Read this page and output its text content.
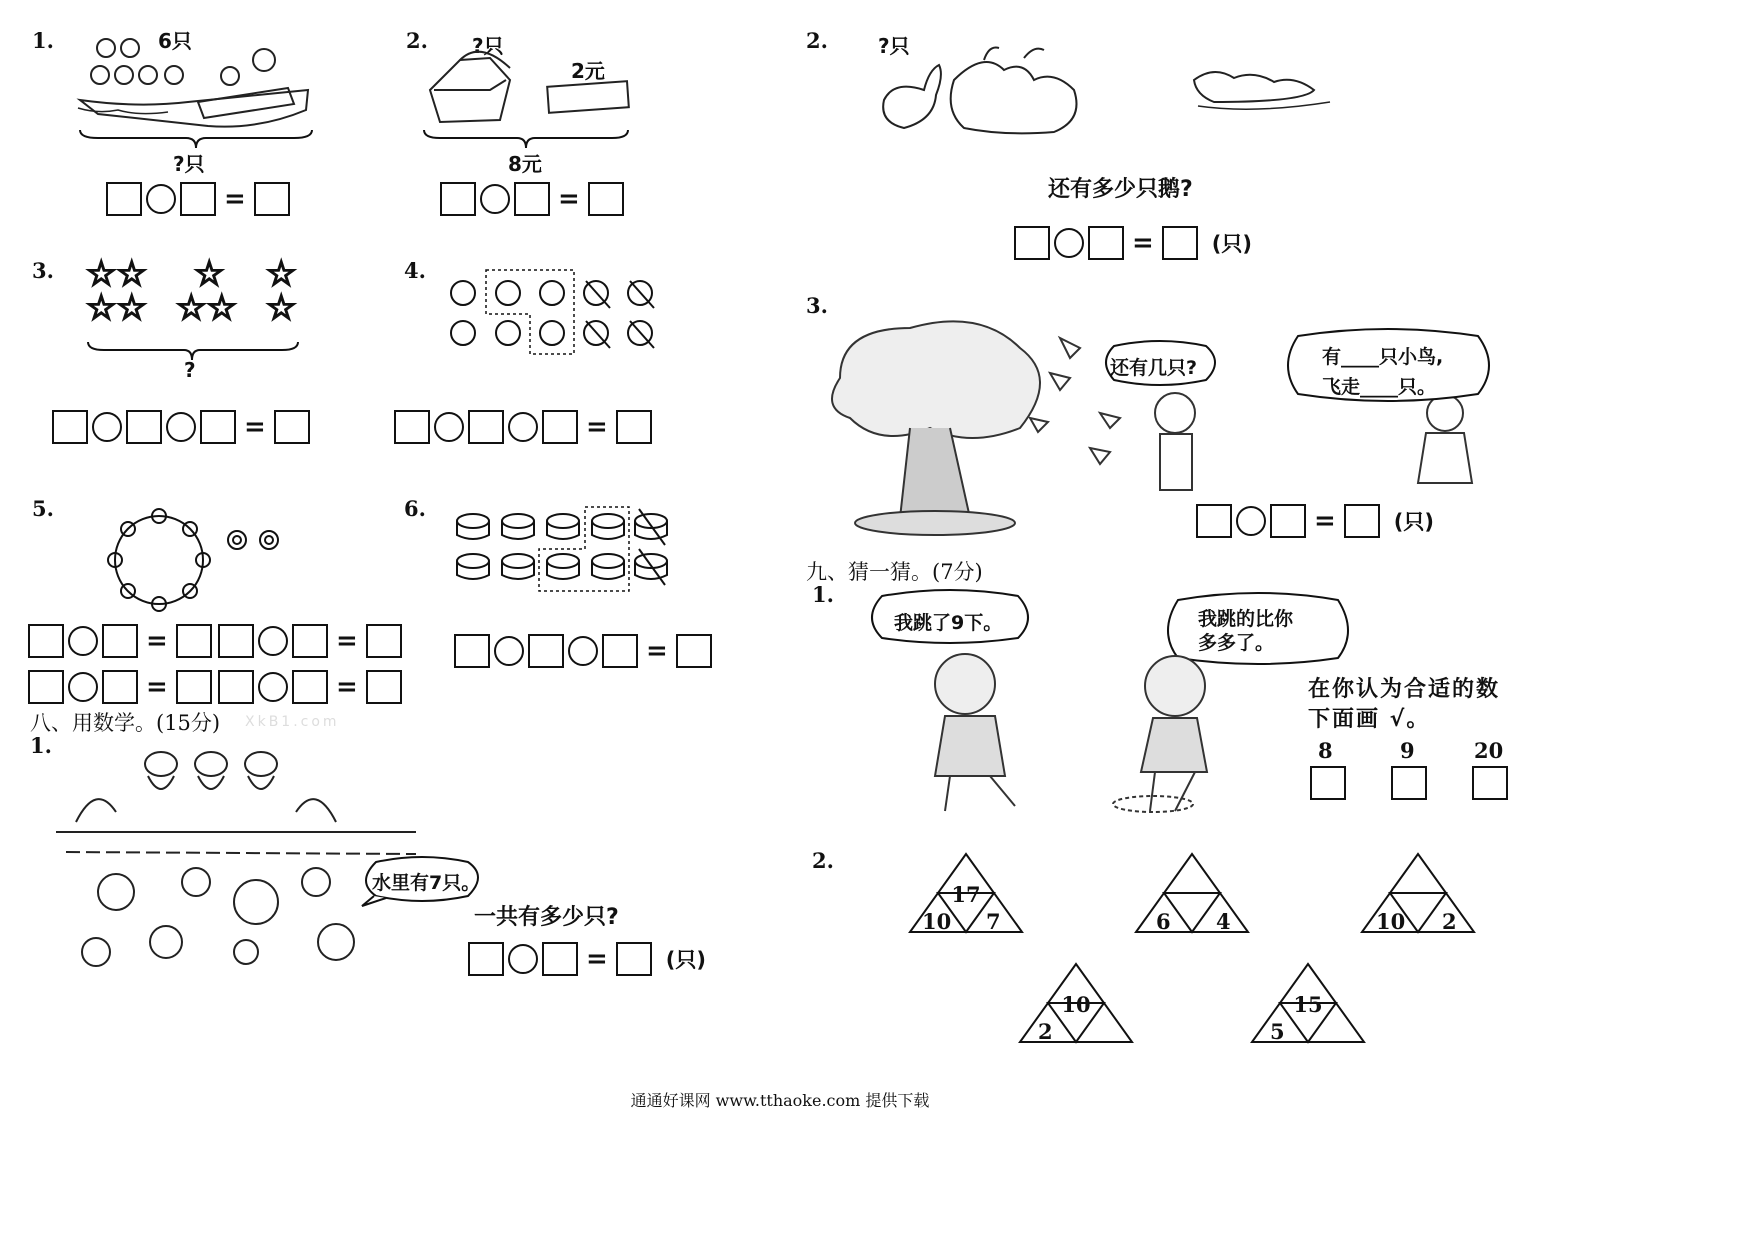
1.	6只
?只
=
2. ?只
2元
8元
=
3. ☆☆ ☆ ☆
☆☆ ☆☆ ☆
?
=
4.
=
5.
=	=
=	=
6.
=
八、用数学。(15分) XkB1.com
1.
水里有7只。
一共有多少只?
=	(只)
2.	?只
还有多少只鹅?
=	(只)
3.
还有几只?	有____只小鸟,
飞走____只。
=	(只)
九、猜一猜。(7分)
1.
我跳了9下。	我跳的比你
多多了。
在你认为合适的数
下面画 √。
8	9	20
2.
17
10 7	6 4	10 2
10
2
15
5
通通好课网 www.tthaoke.com 提供下载
